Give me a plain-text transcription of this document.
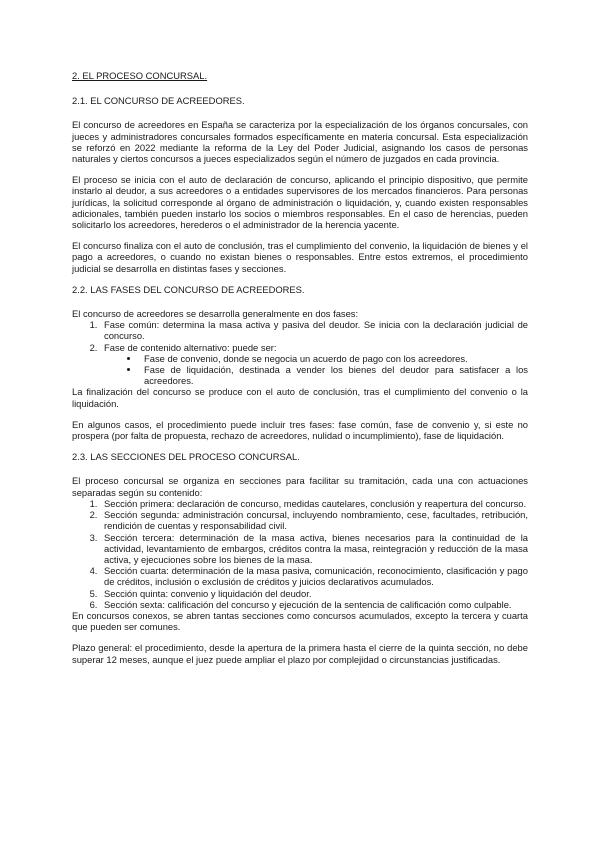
2. EL PROCESO CONCURSAL.
2.1. EL CONCURSO DE ACREEDORES.

El concurso de acreedores en España se caracteriza por la especialización de los órganos concursales, con jueces y administradores concursales formados específicamente en materia concursal. Esta especialización se reforzó en 2022 mediante la reforma de la Ley del Poder Judicial, asignando los casos de personas naturales y ciertos concursos a jueces especializados según el número de juzgados en cada provincia.

El proceso se inicia con el auto de declaración de concurso, aplicando el principio dispositivo, que permite instarlo al deudor, a sus acreedores o a entidades supervisores de los mercados financieros. Para personas jurídicas, la solicitud corresponde al órgano de administración o liquidación, y, cuando existen responsables adicionales, también pueden instarlo los socios o miembros responsables. En el caso de herencias, pueden solicitarlo los acreedores, herederos o el administrador de la herencia yacente.

El concurso finaliza con el auto de conclusión, tras el cumplimiento del convenio, la liquidación de bienes y el pago a acreedores, o cuando no existan bienes o responsables. Entre estos extremos, el procedimiento judicial se desarrolla en distintas fases y secciones.

2.2. LAS FASES DEL CONCURSO DE ACREEDORES.

El concurso de acreedores se desarrolla generalmente en dos fases:

1. Fase común: determina la masa activa y pasiva del deudor. Se inicia con la declaración judicial de concurso.
2. Fase de contenido alternativo: puede ser:
• Fase de convenio, donde se negocia un acuerdo de pago con los acreedores.
• Fase de liquidación, destinada a vender los bienes del deudor para satisfacer a los acreedores.

La finalización del concurso se produce con el auto de conclusión, tras el cumplimiento del convenio o la liquidación.

En algunos casos, el procedimiento puede incluir tres fases: fase común, fase de convenio y, si este no prospera (por falta de propuesta, rechazo de acreedores, nulidad o incumplimiento), fase de liquidación.

2.3. LAS SECCIONES DEL PROCESO CONCURSAL.

El proceso concursal se organiza en secciones para facilitar su tramitación, cada una con actuaciones separadas según su contenido:

1. Sección primera: declaración de concurso, medidas cautelares, conclusión y reapertura del concurso.
2. Sección segunda: administración concursal, incluyendo nombramiento, cese, facultades, retribución, rendición de cuentas y responsabilidad civil.
3. Sección tercera: determinación de la masa activa, bienes necesarios para la continuidad de la actividad, levantamiento de embargos, créditos contra la masa, reintegración y reducción de la masa activa, y ejecuciones sobre los bienes de la masa.
4. Sección cuarta: determinación de la masa pasiva, comunicación, reconocimiento, clasificación y pago de créditos, inclusión o exclusión de créditos y juicios declarativos acumulados.
5. Sección quinta: convenio y liquidación del deudor.
6. Sección sexta: calificación del concurso y ejecución de la sentencia de calificación como culpable.

En concursos conexos, se abren tantas secciones como concursos acumulados, excepto la tercera y cuarta que pueden ser comunes.

Plazo general: el procedimiento, desde la apertura de la primera hasta el cierre de la quinta sección, no debe superar 12 meses, aunque el juez puede ampliar el plazo por complejidad o circunstancias justificadas.
